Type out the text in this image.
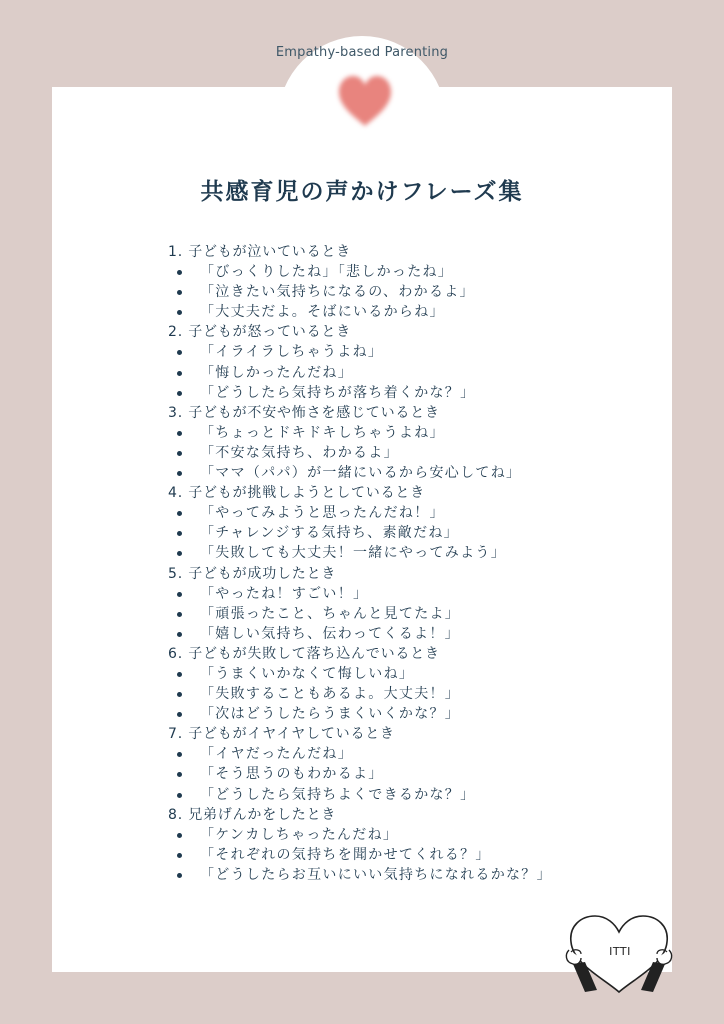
Empathy-based Parenting
共感育児の声かけフレーズ集
1. 子どもが泣いているとき
「びっくりしたね」「悲しかったね」
「泣きたい気持ちになるの、わかるよ」
「大丈夫だよ。そばにいるからね」
2. 子どもが怒っているとき
「イライラしちゃうよね」
「悔しかったんだね」
「どうしたら気持ちが落ち着くかな？」
3. 子どもが不安や怖さを感じているとき
「ちょっとドキドキしちゃうよね」
「不安な気持ち、わかるよ」
「ママ（パパ）が一緒にいるから安心してね」
4. 子どもが挑戦しようとしているとき
「やってみようと思ったんだね！」
「チャレンジする気持ち、素敵だね」
「失敗しても大丈夫！一緒にやってみよう」
5. 子どもが成功したとき
「やったね！すごい！」
「頑張ったこと、ちゃんと見てたよ」
「嬉しい気持ち、伝わってくるよ！」
6. 子どもが失敗して落ち込んでいるとき
「うまくいかなくて悔しいね」
「失敗することもあるよ。大丈夫！」
「次はどうしたらうまくいくかな？」
7. 子どもがイヤイヤしているとき
「イヤだったんだね」
「そう思うのもわかるよ」
「どうしたら気持ちよくできるかな？」
8. 兄弟げんかをしたとき
「ケンカしちゃったんだね」
「それぞれの気持ちを聞かせてくれる？」
「どうしたらお互いにいい気持ちになれるかな？」
ITTI
